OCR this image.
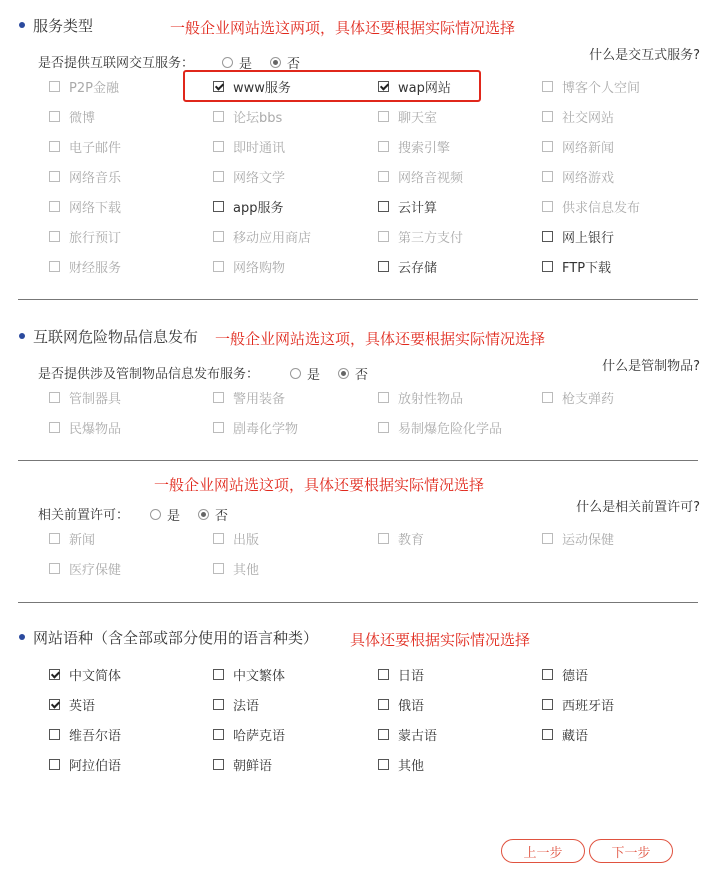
服务类型	一般企业网站选这两项，具体还要根据实际情况选择
是否提供互联网交互服务：	是	否
什么是交互式服务?
P2P金融	www服务	wap网站	博客个人空间
微博	论坛bbs	聊天室	社交网站
电子邮件	即时通讯	搜索引擎	网络新闻
网络音乐	网络文学	网络音视频	网络游戏
网络下载	app服务	云计算	供求信息发布
旅行预订	移动应用商店	第三方支付	网上银行
财经服务	网络购物	云存储	FTP下载
互联网危险物品信息发布 一般企业网站选这项，具体还要根据实际情况选择
是否提供涉及管制物品信息发布服务：	是	否
什么是管制物品?
管制器具	警用装备	放射性物品	枪支弹药
民爆物品	剧毒化学物	易制爆危险化学品
一般企业网站选这项，具体还要根据实际情况选择
相关前置许可：	是	否
什么是相关前置许可?
新闻	出版	教育	运动保健
医疗保健	其他
网站语种（含全部或部分使用的语言种类） 具体还要根据实际情况选择
中文简体	中文繁体	日语	德语
英语	法语	俄语	西班牙语
维吾尔语	哈萨克语	蒙古语	藏语
阿拉伯语	朝鲜语	其他
上一步	下一步
